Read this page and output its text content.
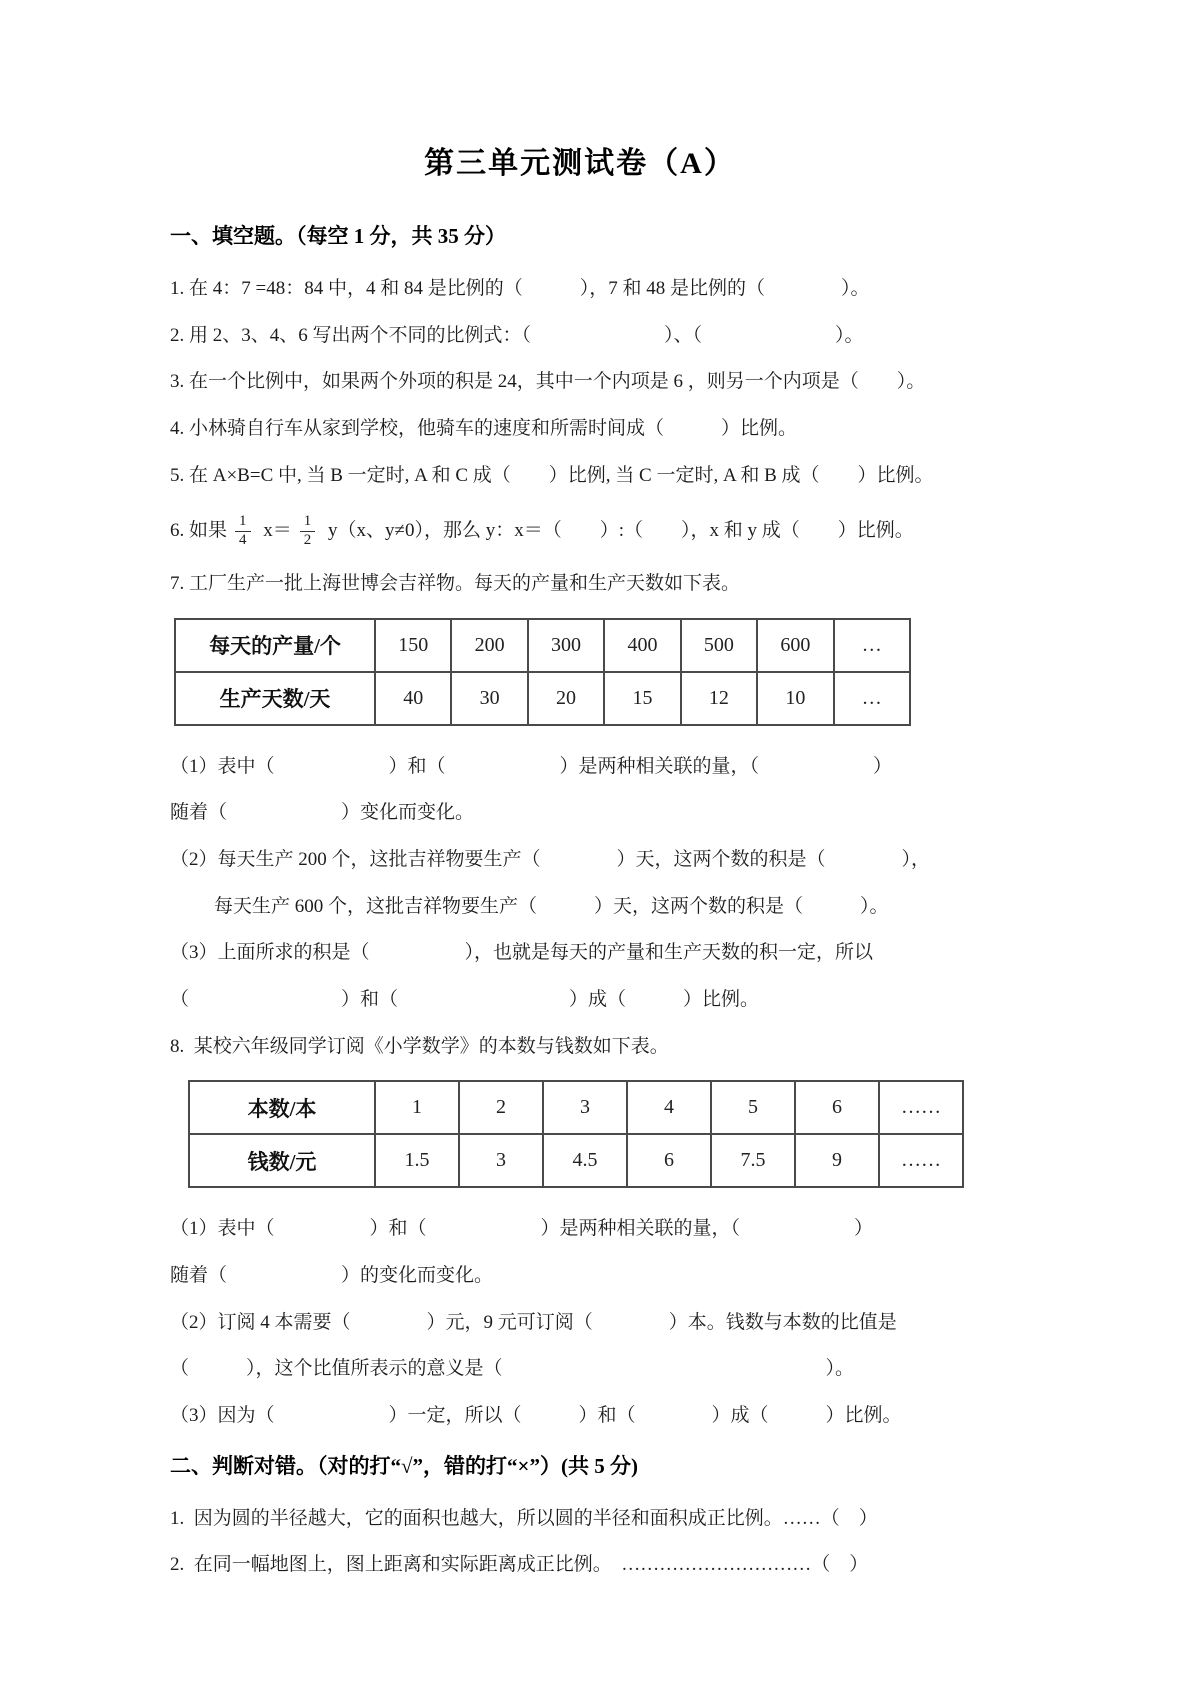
第三单元测试卷（A）
一、填空题。（每空 1 分，共 35 分）

1. 在 4：7 =48：84 中，4 和 84 是比例的（　　　），7 和 48 是比例的（　　　　）。

2. 用 2、3、4、6 写出两个不同的比例式：（　　　　　　　）、（　　　　　　　）。

3. 在一个比例中，如果两个外项的积是 24，其中一个内项是 6 ，则另一个内项是（　　）。

4. 小林骑自行车从家到学校，他骑车的速度和所需时间成（　　　）比例。

5. 在 A×B=C 中, 当 B 一定时, A 和 C 成（　　）比例, 当 C 一定时, A 和 B 成（　　）比例。

6. 如果 $\frac{1}{4} x= \frac{1}{2} y(x$、y≠0），那么 y：x＝（　　）:（　　），x 和 y 成（　　）比例。

7. 工厂生产一批上海世博会吉祥物。每天的产量和生产天数如下表。

每天的产量/个	150	200	300	400	500	600	…
生产天数/天	40	30	20	15	12	10	…

（1）表中（　　　　　　）和（　　　　　　）是两种相关联的量，（　　　　　　）

随着（　　　　　　）变化而变化。

（2）每天生产 200 个，这批吉祥物要生产（　　　　）天，这两个数的积是（　　　　），

每天生产 600 个，这批吉祥物要生产（　　　）天，这两个数的积是（　　　）。

（3）上面所求的积是（　　　　　），也就是每天的产量和生产天数的积一定，所以

（　　　　　　　　）和（　　　　　　　　　）成（　　　）比例。

8.  某校六年级同学订阅《小学数学》的本数与钱数如下表。

本数/本	1	2	3	4	5	6	……
钱数/元	1.5	3	4.5	6	7.5	9	……

（1）表中（　　　　　）和（　　　　　　）是两种相关联的量，（　　　　　　）

随着（　　　　　　）的变化而变化。

（2）订阅 4 本需要（　　　　）元，9 元可订阅（　　　　）本。钱数与本数的比值是

（　　　），这个比值所表示的意义是（　　　　　　　　　　　　　　　　　）。

（3）因为（　　　　　　）一定，所以（　　　）和（　　　　）成（　　　）比例。

二、判断对错。（对的打“√”，错的打“×”）(共 5 分)

1.  因为圆的半径越大，它的面积也越大，所以圆的半径和面积成正比例。……（　）

2.  在同一幅地图上，图上距离和实际距离成正比例。　…………………………（　）
